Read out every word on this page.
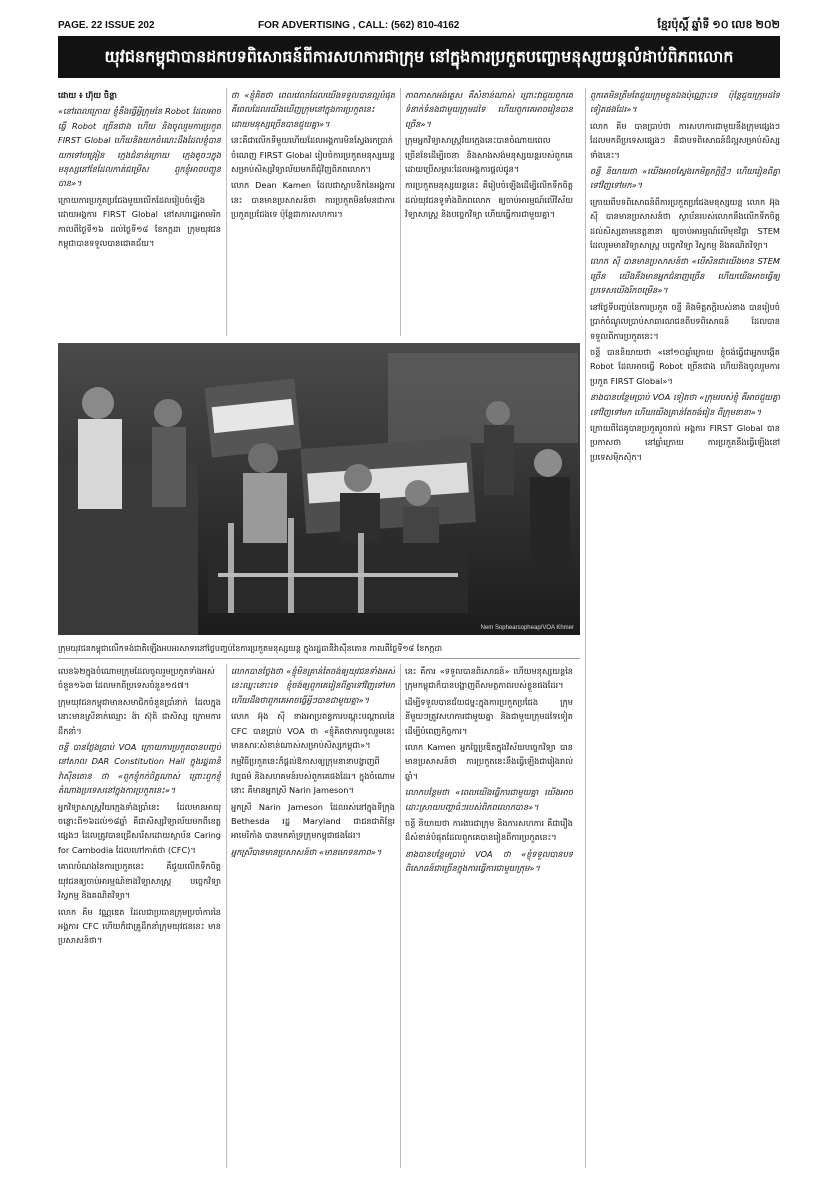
PAGE. 22 ISSUE 202	FOR ADVERTISING , CALL: (562) 810-4162	ខ្មែរប៉ុស្តិ៍ ឆ្នាំទី ១០ លេខ ២០២
យុវជនកម្ពុជាបានដកបទពិសោធន៍ពីការសហការជាក្រុម នៅក្នុងការប្រកួតបញ្ចោមនុស្សយន្តលំដាប់ពិភពលោក

ដោយ ៖ ហ៊ុយ ចិន្ដា

«នៅពេលក្រោយ ខ្ញុំនឹងធ្វើអ្វីក្រុមនៃ Robot ដែលអាចធ្វើ Robot ច្រើនជាង ហើយ និងចូលរួមការប្រកួត FIRST Global ហើយនិងយកចំណេះដឹងដែលខ្ញុំបាន យកទៅបង្រៀន ក្មេងជំនាន់ក្រោយ ក្មេងតូចៗក្នុងមនុស្សនៅខែដែលកាត់ជម្រើស ពួកខ្ញុំអាចបញ្ជូនបាន»។

ក្រោយការប្រកួតប្រជែងមួយលើកដែលរៀបចំឡើងដោយអង្គការ FIRST Global នៅសហរដ្ឋអាមេរិក កាលពីថ្ងៃទី១៦ ដល់ថ្ងៃទី១៨ ខែកក្កដា ក្រុមយុវជនកម្ពុជាបានទទួលបានជោគជ័យ។

ថា «ខ្ញុំគិតថា ពេលវេលាដែលយើងទទួលបានល្អបំផុត គឺពេលដែលយើងឃើញក្រុមនៅក្នុងការប្រកួតនេះ ដោយមនុស្សច្រើនបានជួយគ្នា»។

នេះគឺជាលើកទីមួយហើយដែលអង្គការមិនស្វែងរកប្រាក់ចំណេញ FIRST Global រៀបចំការប្រកួតមនុស្សយន្តសម្រាប់សិស្សវិទ្យាល័យមកពីជុំវិញពិភពលោក។

លោក Dean Kamen ដែលជាស្ថាបនិកនៃអង្គការនេះ បានមានប្រសាសន៍ថា ការប្រកួតមិនមែនជាការប្រកួតប្រជែងទេ ប៉ុន្តែជាការសហការ។

ភាពភាសាអង់គ្លេស គឺសំខាន់ណាស់ ព្រោះវាជួយពួកគេទំនាក់ទំនងជាមួយក្រុមដទៃ ហើយពួកគេអាចរៀនបានច្រើន»។

ក្រុមអ្នកវិទ្យាសាស្ត្រវ័យក្មេងនេះបានចំណាយពេលច្រើនខែដើម្បីរចនា និងសាងសង់មនុស្សយន្តរបស់ពួកគេ ដោយប្រើសម្ភារៈដែលអង្គការផ្តល់ជូន។

ការប្រកួតមនុស្សយន្តនេះ គឺរៀបចំឡើងដើម្បីលើកទឹកចិត្តដល់យុវជនទូទាំងពិភពលោក ឲ្យចាប់អារម្មណ៍លើវិស័យវិទ្យាសាស្ត្រ និងបច្ចេកវិទ្យា ហើយធ្វើការជាមួយគ្នា។

ពួកគេមិនត្រឹមតែជួយក្រុមខ្លួនឯងប៉ុណ្ណោះទេ ប៉ុន្តែជួយក្រុមដទៃទៀតផងដែរ»។

លោក គីម បានប្រាប់ថា ការសហការជាមួយនឹងក្រុមផ្សេងៗ ដែលមកពីប្រទេសផ្សេងៗ គឺជាបទពិសោធន៍ដ៏ល្អសម្រាប់សិស្សទាំងនេះ។

ចន្ទី និយាយថា «យើងអាចស្វែងរកមិត្តភក្តិថ្មីៗ ហើយរៀនពីគ្នាទៅវិញទៅមក»។

ក្រោយពីបទពិសោធន៍ពីការប្រកួតប្រជែងមនុស្សយន្ត លោក អ៊ុង ស៊ី បានមានប្រសាសន៍ថា ស្ថាប័នរបស់លោកនឹងលើកទឹកចិត្តដល់សិស្សតាមខេត្តនានា ឲ្យចាប់អារម្មណ៍លើមុខវិជ្ជា STEM ដែលរួមមានវិទ្យាសាស្ត្រ បច្ចេកវិទ្យា វិស្វកម្ម និងគណិតវិទ្យា។

លោក ស៊ី បានមានប្រសាសន៍ថា «បើសិនជាយើងមាន STEM ច្រើន យើងនឹងមានអ្នកជំនាញច្រើន ហើយយើងអាចធ្វើឲ្យប្រទេសយើងរីកចម្រើន»។

នៅថ្ងៃទីបញ្ចប់នៃការប្រកួត ចន្ទី និងមិត្តភក្តិរបស់នាង បានរៀបចំប្រាក់ចំណូលប្រាប់សាធារណជនពីបទពិសោធន៍ ដែលបានទទួលពីការប្រកួតនេះ។

ចន្ទី បាននិយាយថា «នៅ១០ឆ្នាំក្រោយ ខ្ញុំចង់ធ្វើជាអ្នកបង្កើត Robot ដែលអាចធ្វើ Robot ច្រើនជាង ហើយនិងចូលរួមការប្រកួត FIRST Global»។

នាងបានបន្ថែមប្រាប់ VOA ទៀតថា «ក្រុមរបស់ខ្ញុំ គឺអាចជួយគ្នាទៅវិញទៅមក ហើយយើងគ្រាន់តែចង់រៀន ពីក្រុមនានា»។

ក្រោយពីដៃគូបានប្រកួតរួចរាល់ អង្គការ FIRST Global បានប្រកាសថា នៅឆ្នាំក្រោយ ការប្រកួតនឹងធ្វើឡើងនៅប្រទេសម៉ិកស៊ិក។

Nem Sophearsopheap/VOA Khmer
ក្រុមយុវជនកម្ពុជាលើកទង់ជាតិឡើងអបអរសាទរនៅថ្ងៃបញ្ចប់នៃការប្រកួតមនុស្សយន្ត ក្នុងរដ្ឋធានីវ៉ាស៊ីនតោន កាលពីថ្ងៃទី១៨ ខែកក្កដា

លេខ៦២ក្នុងចំណោមក្រុមដែលចូលរួមប្រកួតទាំងអស់ចំនួន១៦៣ ដែលមកពីប្រទេសចំនួន១៥៧។

ក្រុមយុវជនកម្ពុជាមានសមាជិកចំនួនប្រាំនាក់ ដែលក្នុងនោះមានស្រីនាក់ឈ្មោះ ង៉ា ស៊ុតិ ជាសិស្ស ក្រោមការដឹកនាំ។

ចន្ទី បានថ្លែងប្រាប់ VOA ក្រោយការប្រកួតបានបញ្ចប់នៅសាល DAR Constitution Hall ក្នុងរដ្ឋធានីវ៉ាស៊ីនតោន ថា «ពួកខ្ញុំកក់ចិត្តណាស់ ព្រោះពួកខ្ញុំតំណាងប្រទេសនៅក្នុងការប្រកួតនេះ»។

អ្នកវិទ្យាសាស្ត្រវ័យក្មេងទាំងប្រាំនេះ ដែលមានអាយុចន្លោះពី១៦ដល់១៨ឆ្នាំ គឺជាសិស្សវិទ្យាល័យមកពីខេត្តផ្សេងៗ ដែលត្រូវបានជ្រើសរើសដោយស្ថាប័ន Caring for Cambodia ដែលហៅកាត់ថា (CFC)។

គោលបំណងនៃការប្រកួតនេះ គឺជួយលើកទឹកចិត្តយុវជនឲ្យចាប់អារម្មណ៍ខាងវិទ្យាសាស្ត្រ បច្ចេកវិទ្យា វិស្វកម្ម និងគណិតវិទ្យា។

លោក គីម វណ្ណឌេត ដែលជាប្រធានក្រុមប្រចាំការនៃអង្គការ CFC ហើយក៏ជាគ្រូដឹកនាំក្រុមយុវជននេះ មានប្រសាសន៍ថា។

លោកបានថ្លែងថា «ខ្ញុំមិនគ្រាន់តែចង់ឲ្យយុវជនទាំងអស់នេះឈ្នះនោះទេ ខ្ញុំចង់ឲ្យពួកគេរៀនពីគ្នាទៅវិញទៅមក ហើយដឹងថាពួកគេអាចធ្វើអ្វីៗបានជាមួយគ្នា»។

លោក អ៊ុង ស៊ី ខាងអាប្រពន្ធការបណ្តុះបណ្តាលនៃ CFC បានប្រាប់ VOA ថា «ខ្ញុំគិតថាការចូលរួមនេះមានសារៈសំខាន់ណាស់សម្រាប់សិស្សកម្ពុជា»។

កម្មវិធីប្រកួតនេះក៏ផ្តល់ឱកាសឲ្យក្រុមនានាបង្ហាញពីវប្បធម៌ និងសហគមន៍របស់ពួកគេផងដែរ។ ក្នុងចំណោមនោះ គឺមានអ្នកស្រី Narin Jameson។

អ្នកស្រី Narin Jameson ដែលរស់នៅក្នុងទីក្រុង Bethesda រដ្ឋ Maryland ជាជនជាតិខ្មែរអាមេរិកាំង បានមកគាំទ្រក្រុមកម្ពុជាផងដែរ។

អ្នកស្រីបានមានប្រសាសន៍ថា «មានមោទនភាព»។

នេះ គឺការ «ទទួលបានពិសោធន៍» ហើយមនុស្សយន្តនៃក្រុមកម្ពុជាក៏បានបង្ហាញពីសមត្ថភាពរបស់ខ្លួនផងដែរ។

ដើម្បីទទួលបានជ័យជម្នះក្នុងការប្រកួតប្រជែង ក្រុមនីមួយៗត្រូវសហការជាមួយគ្នា និងជាមួយក្រុមដទៃទៀត ដើម្បីបំពេញកិច្ចការ។

លោក Kamen អ្នកច្នៃប្រឌិតក្នុងវិស័យបច្ចេកវិទ្យា បានមានប្រសាសន៍ថា ការប្រកួតនេះនឹងធ្វើឡើងជារៀងរាល់ឆ្នាំ។

លោកបន្ថែមថា «ពេលយើងធ្វើការជាមួយគ្នា យើងអាចដោះស្រាយបញ្ហាធំៗរបស់ពិភពលោកបាន»។

ចន្ទី និយាយថា ការងារជាក្រុម និងការសហការ គឺជារឿងដ៏សំខាន់បំផុតដែលពួកគេបានរៀនពីការប្រកួតនេះ។

នាងបានបន្ថែមប្រាប់ VOA ថា «ខ្ញុំទទួលបានបទពិសោធន៍ជាច្រើនក្នុងការធ្វើការជាមួយក្រុម»។
